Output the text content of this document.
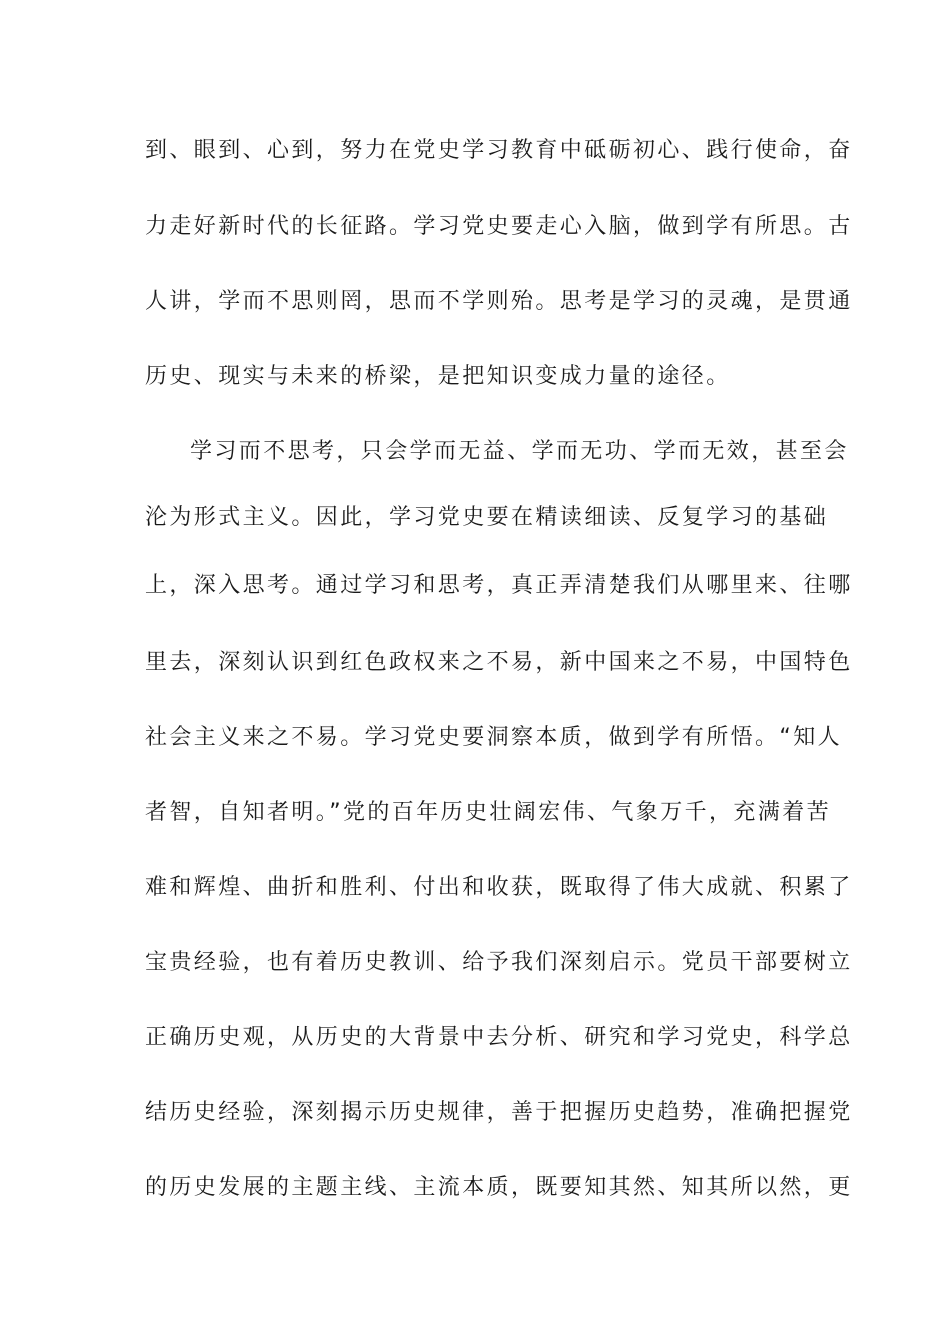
到、眼到、心到，努力在党史学习教育中砥砺初心、践行使命，奋
力走好新时代的长征路。学习党史要走心入脑，做到学有所思。古
人讲，学而不思则罔，思而不学则殆。思考是学习的灵魂，是贯通
历史、现实与未来的桥梁，是把知识变成力量的途径。
学习而不思考，只会学而无益、学而无功、学而无效，甚至会
沦为形式主义。因此，学习党史要在精读细读、反复学习的基础
上，深入思考。通过学习和思考，真正弄清楚我们从哪里来、往哪
里去，深刻认识到红色政权来之不易，新中国来之不易，中国特色
社会主义来之不易。学习党史要洞察本质，做到学有所悟。“知人
者智，自知者明。”党的百年历史壮阔宏伟、气象万千，充满着苦
难和辉煌、曲折和胜利、付出和收获，既取得了伟大成就、积累了
宝贵经验，也有着历史教训、给予我们深刻启示。党员干部要树立
正确历史观，从历史的大背景中去分析、研究和学习党史，科学总
结历史经验，深刻揭示历史规律，善于把握历史趋势，准确把握党
的历史发展的主题主线、主流本质，既要知其然、知其所以然，更
